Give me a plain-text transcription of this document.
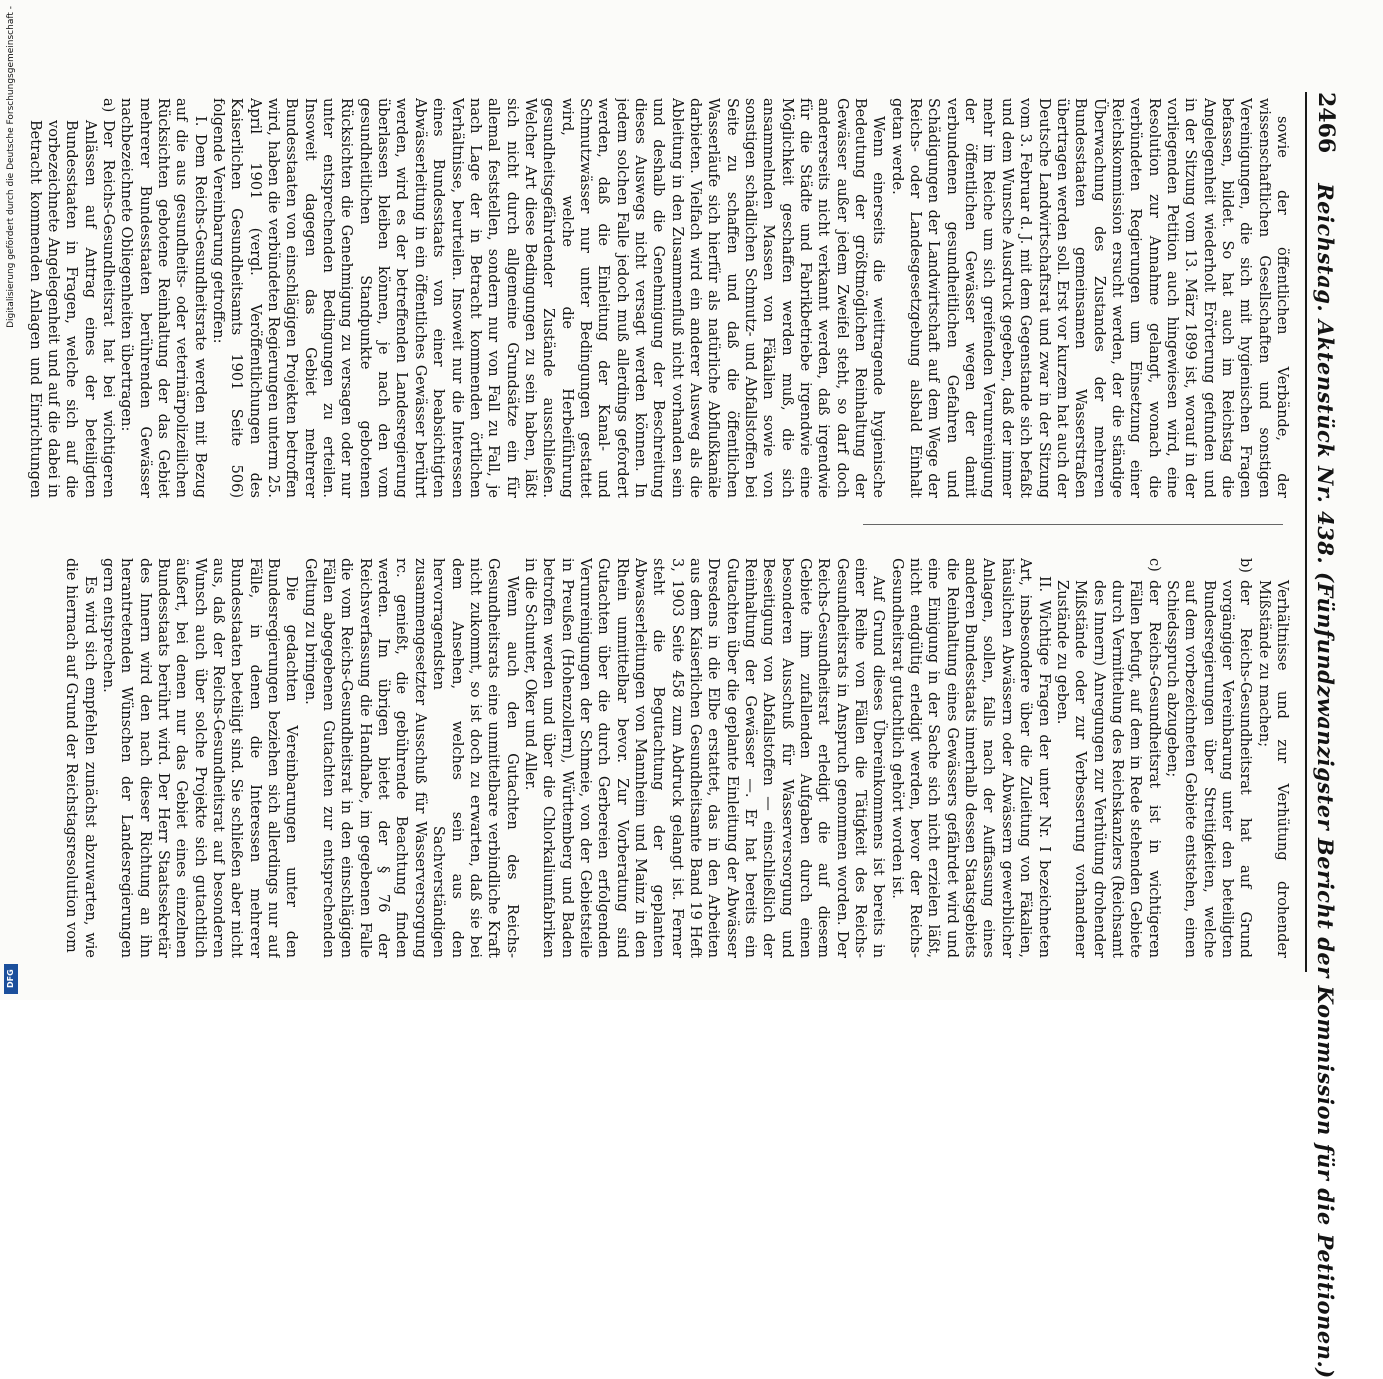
2466
Reichstag. Aktenstück Nr. 438. (Fünfundzwanzigster Bericht der Kommission für die Petitionen.)

sowie der öffentlichen Verbände, der wissenschaftlichen Gesellschaften und sonstigen Vereinigungen, die sich mit hygienischen Fragen befassen, bildet. So hat auch im Reichstag die Angelegenheit wiederholt Erörterung gefunden und in der Sitzung vom 13. März 1899 ist, worauf in der vorliegenden Petition auch hingewiesen wird, eine Resolution zur Annahme gelangt, wonach die verbündeten Regierungen um Einsetzung einer Reichskommission ersucht werden, der die ständige Überwachung des Zustandes der mehreren Bundesstaaten gemeinsamen Wasserstraßen übertragen werden soll. Erst vor kurzem hat auch der Deutsche Landwirtschaftsrat und zwar in der Sitzung vom 3. Februar d. J. mit dem Gegenstande sich befaßt und dem Wunsche Ausdruck gegeben, daß der immer mehr im Reiche um sich greifenden Verunreinigung der öffentlichen Gewässer wegen der damit verbundenen gesundheitlichen Gefahren und Schädigungen der Landwirtschaft auf dem Wege der Reichs- oder Landesgesetzgebung alsbald Einhalt getan werde.

Wenn einerseits die weittragende hygienische Bedeutung der größtmöglichen Reinhaltung der Gewässer außer jedem Zweifel steht, so darf doch andererseits nicht verkannt werden, daß irgendwie für die Städte und Fabrikbetriebe irgendwie eine Möglichkeit geschaffen werden muß, die sich ansammelnden Massen von Fäkalien sowie von sonstigen schädlichen Schmutz- und Abfallstoffen bei Seite zu schaffen und daß die öffentlichen Wasserläufe sich hierfür als natürliche Abflußkanäle darbieten. Vielfach wird ein anderer Ausweg als die Ableitung in den Zusammenfluß nicht vorhanden sein und deshalb die Genehmigung der Beschreitung dieses Auswegs nicht versagt werden können. In jedem solchen Falle jedoch muß allerdings gefordert werden, daß die Einleitung der Kanal- und Schmutzwässer nur unter Bedingungen gestattet wird, welche die Herbeiführung gesundheitsgefährdender Zustände ausschließen. Welcher Art diese Bedingungen zu sein haben, läßt sich nicht durch allgemeine Grundsätze ein für allemal feststellen, sondern nur von Fall zu Fall, je nach Lage der in Betracht kommenden örtlichen Verhältnisse, beurteilen. Insoweit nur die Interessen eines Bundesstaats von einer beabsichtigten Abwässerleitung in ein öffentliches Gewässer berührt werden, wird es der betreffenden Landesregierung überlassen bleiben können, je nach den vom gesundheitlichen Standpunkte gebotenen Rücksichten die Genehmigung zu versagen oder nur unter entsprechenden Bedingungen zu erteilen. Insoweit dagegen das Gebiet mehrerer Bundesstaaten von einschlägigen Projekten betroffen wird, haben die verbündeten Regierungen unterm 25. April 1901 (vergl. Veröffentlichungen des Kaiserlichen Gesundheitsamts 1901 Seite 506) folgende Vereinbarung getroffen:

I. Dem Reichs-Gesundheitsrate werden mit Bezug auf die aus gesundheits- oder veterinärpolizeilichen Rücksichten gebotene Reinhaltung der das Gebiet mehrerer Bundesstaaten berührenden Gewässer nachbezeichnete Obliegenheiten übertragen:

a)
Der Reichs-Gesundheitsrat hat bei wichtigeren Anlässen auf Antrag eines der beteiligten Bundesstaaten in Fragen, welche sich auf die vorbezeichnete Angelegenheit und auf die dabei in Betracht kommenden Anlagen und Einrichtungen

Verhältnisse und zur Verhütung drohender Mißstände zu machen;

b)
der Reichs-Gesundheitsrat hat auf Grund vorgängiger Vereinbarung unter den beteiligten Bundesregierungen über Streitigkeiten, welche auf dem vorbezeichneten Gebiete entstehen, einen Schiedsspruch abzugeben;

c)
der Reichs-Gesundheitsrat ist in wichtigeren Fällen befugt, auf dem in Rede stehenden Gebiete durch Vermittelung des Reichskanzlers (Reichsamt des Innern) Anregungen zur Verhütung drohender Mißstände oder zur Verbesserung vorhandener Zustände zu geben.

II. Wichtige Fragen der unter Nr. I bezeichneten Art, insbesondere über die Zuleitung von Fäkalien, häuslichen Abwässern oder Abwässern gewerblicher Anlagen, sollen, falls nach der Auffassung eines anderen Bundesstaats innerhalb dessen Staatsgebiets die Reinhaltung eines Gewässers gefährdet wird und eine Einigung in der Sache sich nicht erzielen läßt, nicht endgültig erledigt werden, bevor der Reichs-Gesundheitsrat gutachtlich gehört worden ist.

Auf Grund dieses Übereinkommens ist bereits in einer Reihe von Fällen die Tätigkeit des Reichs-Gesundheitsrats in Anspruch genommen worden. Der Reichs-Gesundheitsrat erledigt die auf diesem Gebiete ihm zufallenden Aufgaben durch einen besonderen Ausschuß für Wasserversorgung und Beseitigung von Abfallstoffen — einschließlich der Reinhaltung der Gewässer —. Er hat bereits ein Gutachten über die geplante Einleitung der Abwässer Dresdens in die Elbe erstattet, das in den Arbeiten aus dem Kaiserlichen Gesundheitsamte Band 19 Heft 3, 1903 Seite 458 zum Abdruck gelangt ist. Ferner steht die Begutachtung der geplanten Abwasserleitungen von Mannheim und Mainz in den Rhein unmittelbar bevor. Zur Vorberatung sind Gutachten über die durch Gerbereien erfolgenden Verunreinigungen der Schmeie, von der Gebietsteile in Preußen (Hohenzollern), Württemberg und Baden betroffen werden und über die Chlorkaliumfabriken in die Schunter, Oker und Aller.

Wenn auch den Gutachten des Reichs-Gesundheitsrats eine unmittelbare verbindliche Kraft nicht zukommt, so ist doch zu erwarten, daß sie bei dem Ansehen, welches sein aus den hervorragendsten Sachverständigen zusammengesetzter Ausschuß für Wasserversorgung rc. genießt, die gebührende Beachtung finden werden. Im übrigen bietet der § 76 der Reichsverfassung die Handhabe, im gegebenen Falle die vom Reichs-Gesundheitsrat in den einschlägigen Fällen abgegebenen Gutachten zur entsprechenden Geltung zu bringen.

Die gedachten Vereinbarungen unter den Bundesregierungen beziehen sich allerdings nur auf Fälle, in denen die Interessen mehrerer Bundesstaaten beteiligt sind. Sie schließen aber nicht aus, daß der Reichs-Gesundheitsrat auf besonderen Wunsch auch über solche Projekte sich gutachtlich äußert, bei denen nur das Gebiet eines einzelnen Bundesstaats berührt wird. Der Herr Staatssekretär des Innern wird den nach dieser Richtung an ihn herantretenden Wünschen der Landesregierungen gern entsprechen.

Es wird sich empfehlen zunächst abzuwarten, wie die hiernach auf Grund der Reichstagsresolution vom

Digitalisierung gefördert durch die Deutsche Forschungsgemeinschaft -
DFG
